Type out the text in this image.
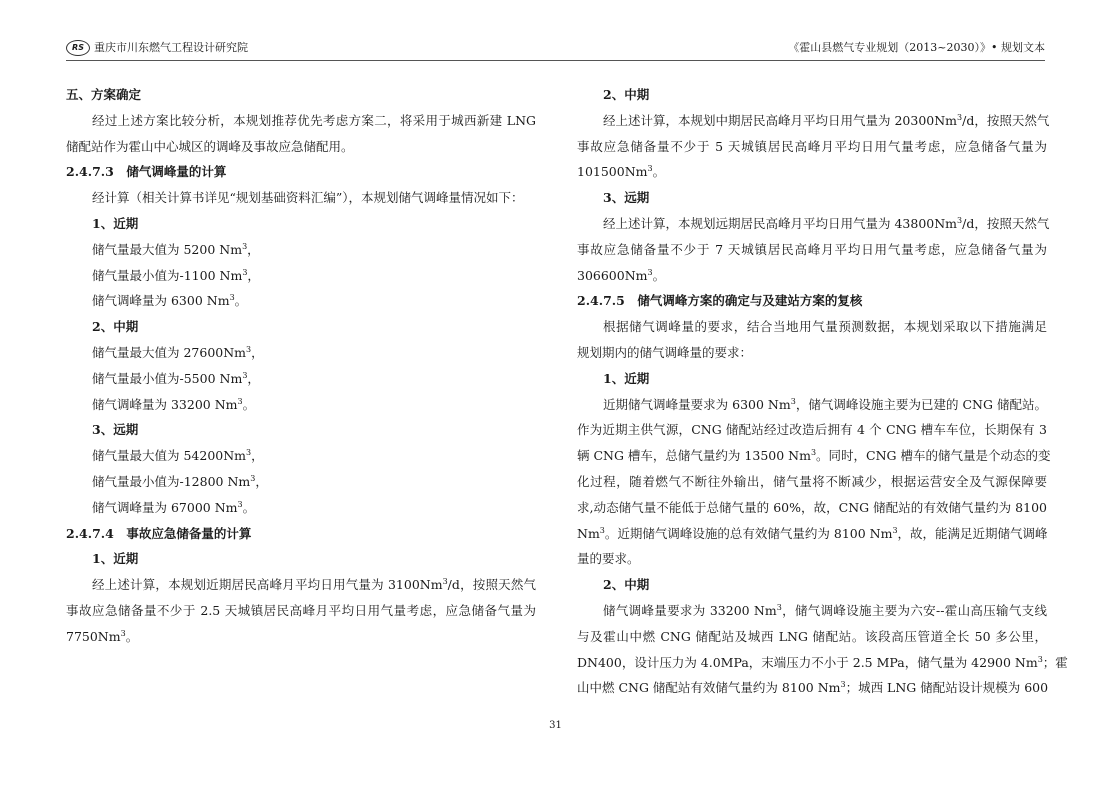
RS 重庆市川东燃气工程设计研究院	《霍山县燃气专业规划（2013~2030）》• 规划文本
五、方案确定
经过上述方案比较分析，本规划推荐优先考虑方案二，将采用于城西新建 LNG
储配站作为霍山中心城区的调峰及事故应急储配用。
2.4.7.3　储气调峰量的计算
经计算（相关计算书详见“规划基础资料汇编”），本规划储气调峰量情况如下：
1、近期
储气量最大值为 5200 Nm$^3$，
储气量最小值为-1100 Nm$^3$，
储气调峰量为 6300 Nm$^3$。
2、中期
储气量最大值为 27600Nm$^3$，
储气量最小值为-5500 Nm$^3$，
储气调峰量为 33200 Nm$^3$。
3、远期
储气量最大值为 54200Nm$^3$，
储气量最小值为-12800 Nm$^3$，
储气调峰量为 67000 Nm$^3$。
2.4.7.4　事故应急储备量的计算
1、近期
经上述计算，本规划近期居民高峰月平均日用气量为 3100Nm$^3$/d，按照天然气
事故应急储备量不少于 2.5 天城镇居民高峰月平均日用气量考虑，应急储备气量为
7750Nm$^3$。
2、中期
经上述计算，本规划中期居民高峰月平均日用气量为 20300Nm$^3$/d，按照天然气
事故应急储备量不少于 5 天城镇居民高峰月平均日用气量考虑，应急储备气量为
101500Nm$^3$。
3、远期
经上述计算，本规划远期居民高峰月平均日用气量为 43800Nm$^3$/d，按照天然气
事故应急储备量不少于 7 天城镇居民高峰月平均日用气量考虑，应急储备气量为
306600Nm$^3$。
2.4.7.5　储气调峰方案的确定与及建站方案的复核
根据储气调峰量的要求，结合当地用气量预测数据，本规划采取以下措施满足
规划期内的储气调峰量的要求：
1、近期
近期储气调峰量要求为 6300 Nm$^3$，储气调峰设施主要为已建的 CNG 储配站。
作为近期主供气源，CNG 储配站经过改造后拥有 4 个 CNG 槽车车位，长期保有 3
辆 CNG 槽车，总储气量约为 13500 Nm$^3$。同时，CNG 槽车的储气量是个动态的变
化过程，随着燃气不断往外输出，储气量将不断减少，根据运营安全及气源保障要
求,动态储气量不能低于总储气量的 60%，故，CNG 储配站的有效储气量约为 8100
Nm$^3$。近期储气调峰设施的总有效储气量约为 8100 Nm$^3$，故，能满足近期储气调峰
量的要求。
2、中期
储气调峰量要求为 33200 Nm$^3$，储气调峰设施主要为六安--霍山高压输气支线
与及霍山中燃 CNG 储配站及城西 LNG 储配站。该段高压管道全长 50 多公里，
DN400，设计压力为 4.0MPa，末端压力不小于 2.5 MPa，储气量为 42900 Nm$^3$；霍
山中燃 CNG 储配站有效储气量约为 8100 Nm$^3$；城西 LNG 储配站设计规模为 600
31
